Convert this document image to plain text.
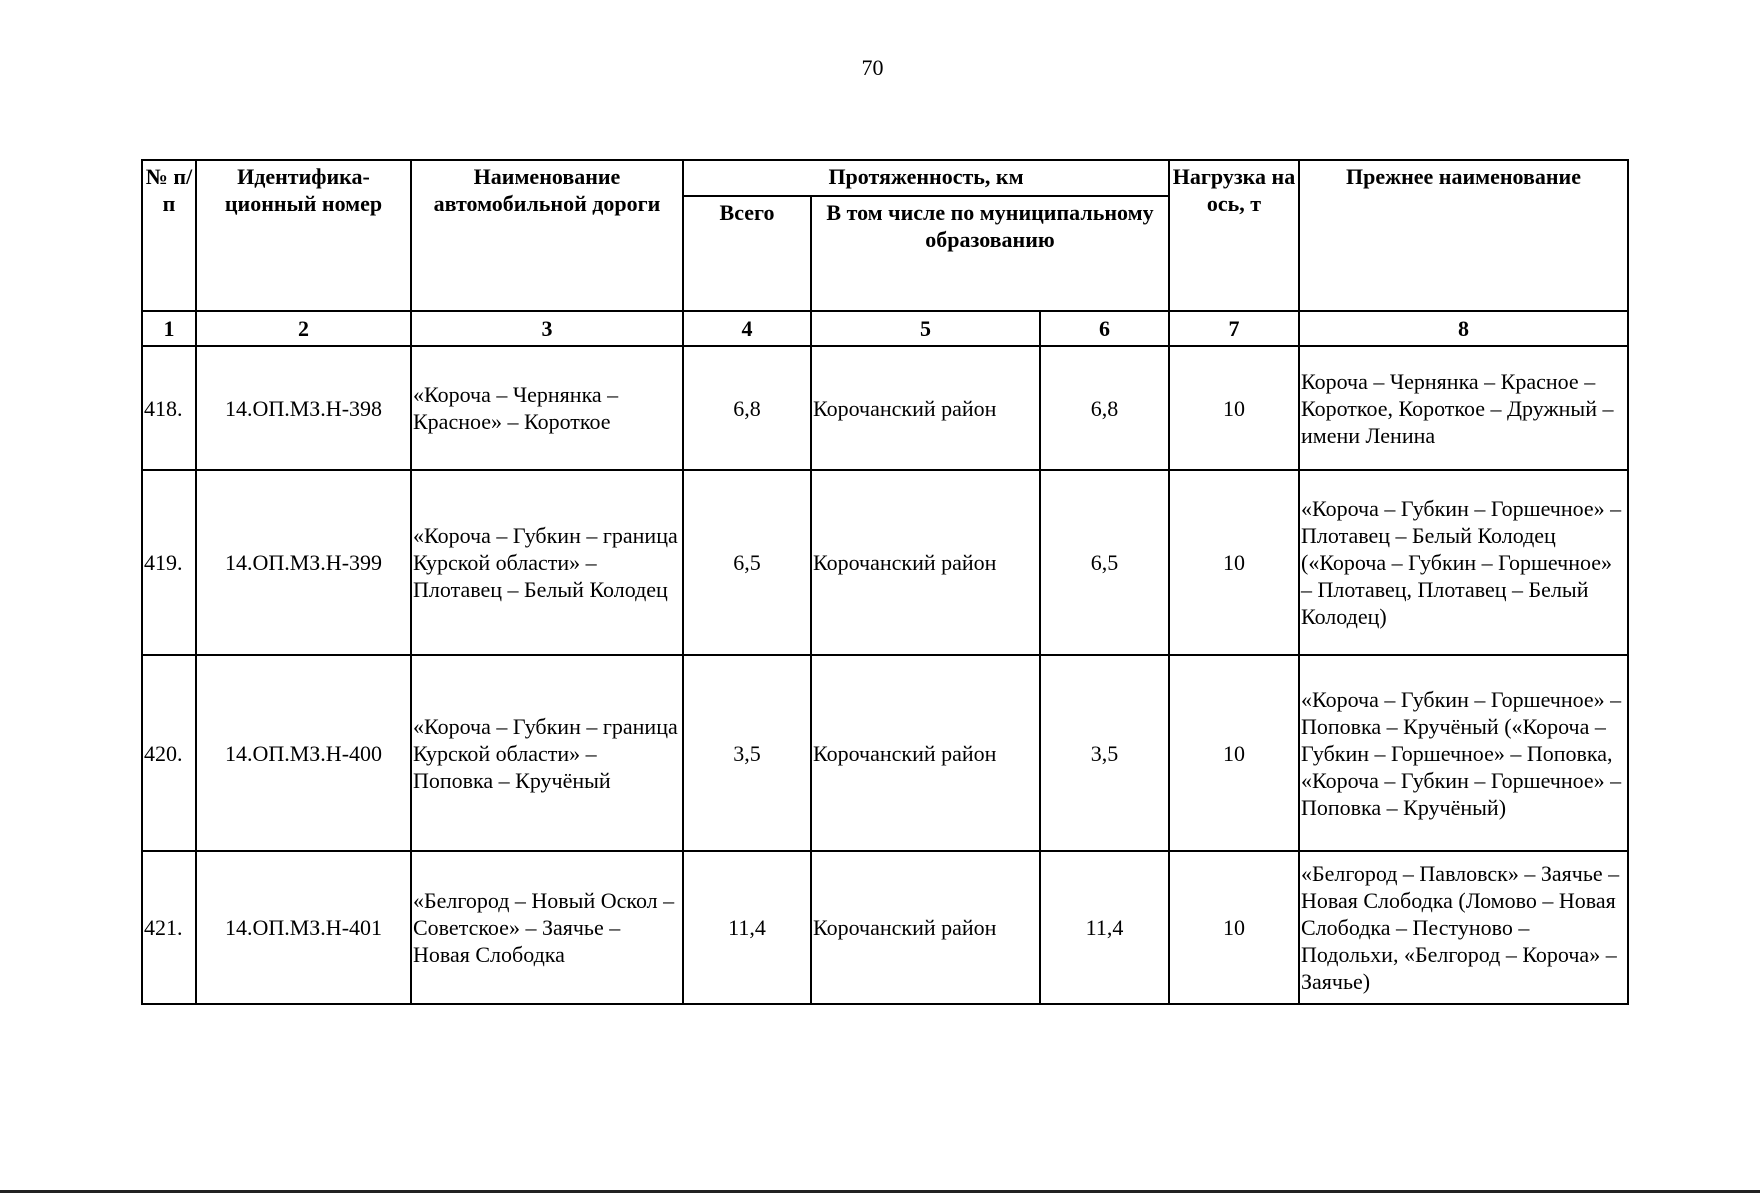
70
№ п/п	Идентифика-ционный номер	Наименование автомобильной дороги	Протяженность, км			Нагрузка на ось, т	Прежнее наименование
			Всего	В том числе по муниципальному образованию			
1	2	3	4	5	6	7	8
418.	14.ОП.МЗ.Н-398	«Короча – Чернянка – Красное» – Короткое	6,8	Корочанский район	6,8	10	Короча – Чернянка – Красное – Короткое, Короткое – Дружный – имени Ленина
419.	14.ОП.МЗ.Н-399	«Короча – Губкин – граница Курской области» – Плотавец – Белый Колодец	6,5	Корочанский район	6,5	10	«Короча – Губкин – Горшечное» – Плотавец – Белый Колодец («Короча – Губкин – Горшечное» – Плотавец, Плотавец – Белый Колодец)
420.	14.ОП.МЗ.Н-400	«Короча – Губкин – граница Курской области» – Поповка – Кручёный	3,5	Корочанский район	3,5	10	«Короча – Губкин – Горшечное» – Поповка – Кручёный («Короча – Губкин – Горшечное» – Поповка, «Короча – Губкин – Горшечное» – Поповка – Кручёный)
421.	14.ОП.МЗ.Н-401	«Белгород – Новый Оскол – Советское» – Заячье – Новая Слободка	11,4	Корочанский район	11,4	10	«Белгород – Павловск» – Заячье – Новая Слободка (Ломово – Новая Слободка – Пестуново – Подольхи, «Белгород – Короча» – Заячье)
